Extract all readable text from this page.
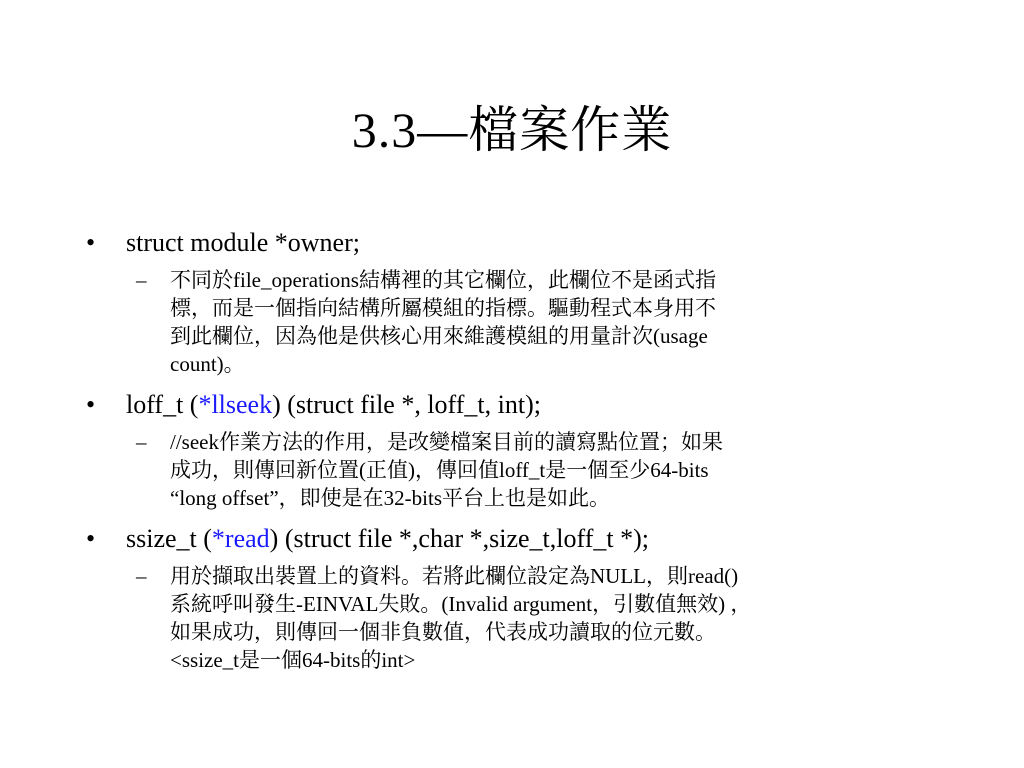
3.3—檔案作業
• struct module *owner;
– 不同於file_operations結構裡的其它欄位，此欄位不是函式指
標，而是一個指向結構所屬模組的指標。驅動程式本身用不
到此欄位，因為他是供核心用來維護模組的用量計次(usage
count)。
• loff_t (*llseek) (struct file *, loff_t, int);
– //seek作業方法的作用，是改變檔案目前的讀寫點位置；如果
成功，則傳回新位置(正值)，傳回值loff_t是一個至少64-bits
“long offset”，即使是在32-bits平台上也是如此。
• ssize_t (*read) (struct file *,char *,size_t,loff_t *);
– 用於擷取出裝置上的資料。若將此欄位設定為NULL，則read()
系統呼叫發生-EINVAL失敗。(Invalid argument，引數值無效) ，
如果成功，則傳回一個非負數值，代表成功讀取的位元數。
<ssize_t是一個64-bits的int>
